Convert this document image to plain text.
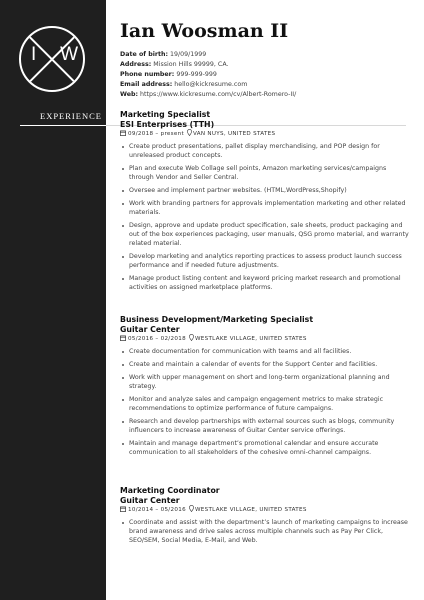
I W
EXPERIENCE
Ian Woosman II
Date of birth: 19/09/1999
Address: Mission Hills 99999, CA.
Phone number: 999-999-999
Email address: hello@kickresume.com
Web: https://www.kickresume.com/cv/Albert-Romero-II/
Marketing Specialist
ESI Enterprises (TTH)
09/2018 – present VAN NUYS, UNITED STATES
Create product presentations, pallet display merchandising, and POP design for unreleased product concepts.
Plan and execute Web Collage sell points, Amazon marketing services/campaigns through Vendor and Seller Central.
Oversee and implement partner websites. (HTML,WordPress,Shopify)
Work with branding partners for approvals implementation marketing and other related materials.
Design, approve and update product specification, sale sheets, product packaging and out of the box experiences packaging, user manuals, QSG promo material, and warranty related material.
Develop marketing and analytics reporting practices to assess product launch success performance and if needed future adjustments.
Manage product listing content and keyword pricing market research and promotional activities on assigned marketplace platforms.
Business Development/Marketing Specialist
Guitar Center
05/2016 – 02/2018 WESTLAKE VILLAGE, UNITED STATES
Create documentation for communication with teams and all facilities.
Create and maintain a calendar of events for the Support Center and facilities.
Work with upper management on short and long-term organizational planning and strategy.
Monitor and analyze sales and campaign engagement metrics to make strategic recommendations to optimize performance of future campaigns.
Research and develop partnerships with external sources such as blogs, community influencers to increase awareness of Guitar Center service offerings.
Maintain and manage department’s promotional calendar and ensure accurate communication to all stakeholders of the cohesive omni-channel campaigns.
Marketing Coordinator
Guitar Center
10/2014 – 05/2016 WESTLAKE VILLAGE, UNITED STATES
Coordinate and assist with the department’s launch of marketing campaigns to increase brand awareness and drive sales across multiple channels such as Pay Per Click, SEO/SEM, Social Media, E-Mail, and Web.
